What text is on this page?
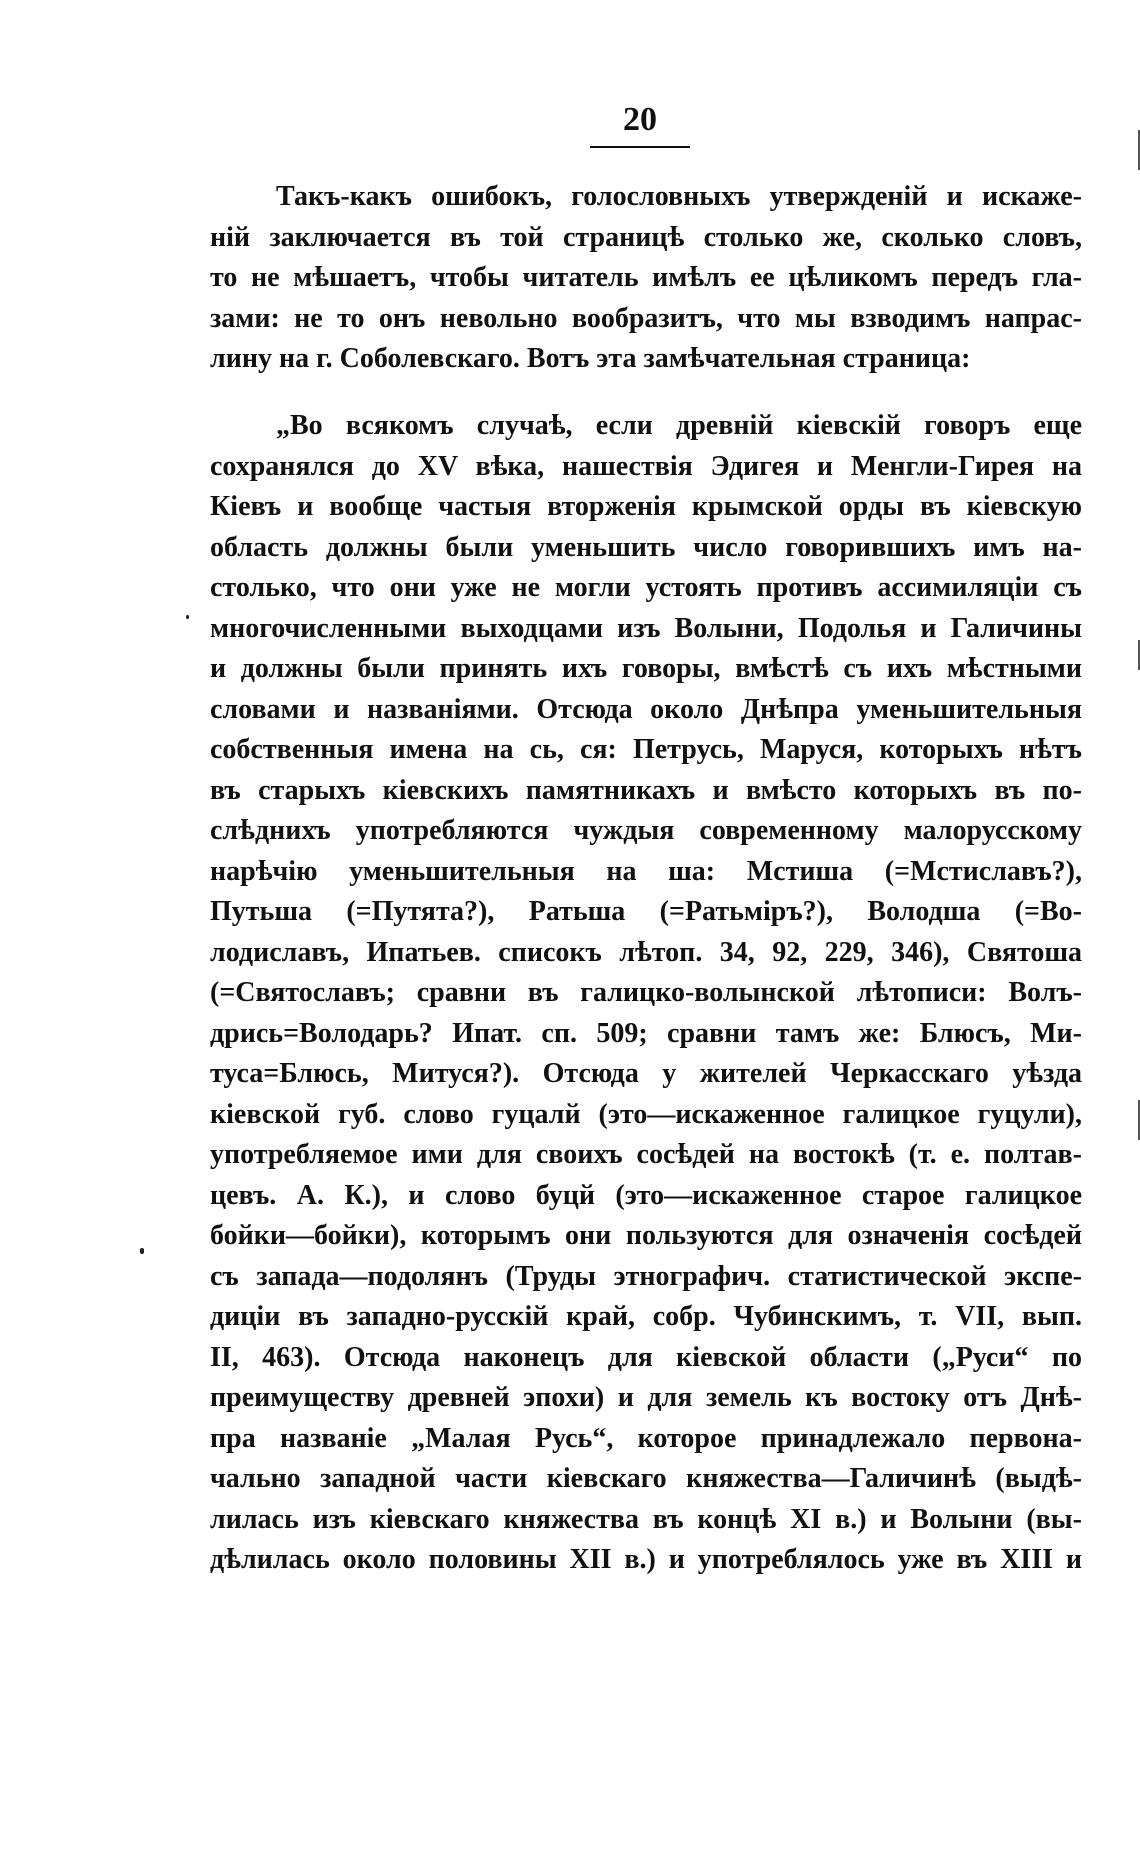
20
Такъ-какъ ошибокъ, голословныхъ утвержденій и искаже-
ній заключается въ той страницѣ столько же, сколько словъ,
то не мѣшаетъ, чтобы читатель имѣлъ ее цѣликомъ передъ гла-
зами: не то онъ невольно вообразитъ, что мы взводимъ напрас-
лину на г. Соболевскаго. Вотъ эта замѣчательная страница:
„Во всякомъ случаѣ, если древній кіевскій говоръ еще
сохранялся до XV вѣка, нашествія Эдигея и Менгли-Гирея на
Кіевъ и вообще частыя вторженія крымской орды въ кіевскую
область должны были уменьшить число говорившихъ имъ на-
столько, что они уже не могли устоять противъ ассимиляціи съ
многочисленными выходцами изъ Волыни, Подолья и Галичины
и должны были принять ихъ говоры, вмѣстѣ съ ихъ мѣстными
словами и названіями. Отсюда около Днѣпра уменьшительныя
собственныя имена на сь, ся: Петрусь, Маруся, которыхъ нѣтъ
въ старыхъ кіевскихъ памятникахъ и вмѣсто которыхъ въ по-
слѣднихъ употребляются чуждыя современному малорусскому
нарѣчію уменьшительныя на ша: Мстиша (=Мстиславъ?),
Путьша (=Путята?), Ратьша (=Ратьміръ?), Володша (=Во-
лодиславъ, Ипатьев. списокъ лѣтоп. 34, 92, 229, 346), Святоша
(=Святославъ; сравни въ галицко-волынской лѣтописи: Волъ-
дрись=Володарь? Ипат. сп. 509; сравни тамъ же: Блюсъ, Ми-
туса=Блюсь, Митуся?). Отсюда у жителей Черкасскаго уѣзда
кіевской губ. слово гуцалй (это—искаженное галицкое гуцули),
употребляемое ими для своихъ сосѣдей на востокѣ (т. е. полтав-
цевъ. А. К.), и слово буцй (это—искаженное старое галицкое
бойки—бойки), которымъ они пользуются для означенія сосѣдей
съ запада—подолянъ (Труды этнографич. статистической экспе-
диціи въ западно-русскій край, собр. Чубинскимъ, т. VII, вып.
II, 463). Отсюда наконецъ для кіевской области („Руси“ по
преимуществу древней эпохи) и для земель къ востоку отъ Днѣ-
пра названіе „Малая Русь“, которое принадлежало первона-
чально западной части кіевскаго княжества—Галичинѣ (выдѣ-
лилась изъ кіевскаго княжества въ концѣ XI в.) и Волыни (вы-
дѣлилась около половины XII в.) и употреблялось уже въ XIII и
